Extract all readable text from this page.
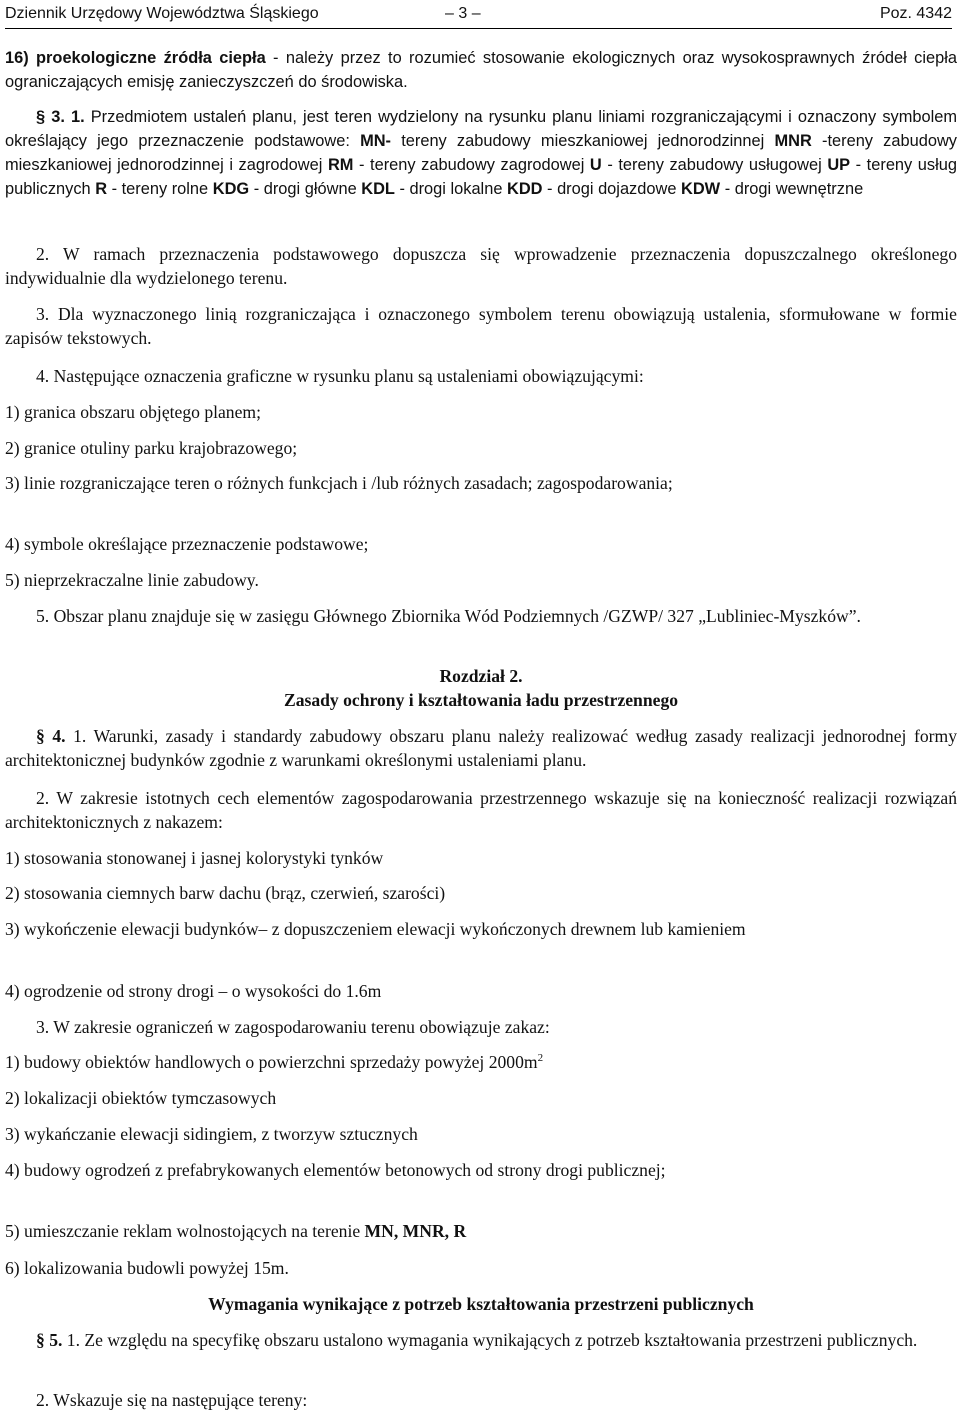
Dziennik Urzędowy Województwa Śląskiego	– 3 –	Poz. 4342
16) proekologiczne źródła ciepła - należy przez to rozumieć stosowanie ekologicznych oraz wysokosprawnych źródeł ciepła ograniczających emisję zanieczyszczeń do środowiska.
§ 3. 1. Przedmiotem ustaleń planu, jest teren wydzielony na rysunku planu liniami rozgraniczającymi i oznaczony symbolem określający jego przeznaczenie podstawowe: MN- tereny zabudowy mieszkaniowej jednorodzinnej MNR -tereny zabudowy mieszkaniowej jednorodzinnej i zagrodowej RM - tereny zabudowy zagrodowej U - tereny zabudowy usługowej UP - tereny usług publicznych R - tereny rolne KDG - drogi główne KDL - drogi lokalne KDD - drogi dojazdowe KDW - drogi wewnętrzne
2. W ramach przeznaczenia podstawowego dopuszcza się wprowadzenie przeznaczenia dopuszczalnego określonego indywidualnie dla wydzielonego terenu.
3. Dla wyznaczonego linią rozgraniczająca i oznaczonego symbolem terenu obowiązują ustalenia, sformułowane w formie zapisów tekstowych.
4. Następujące oznaczenia graficzne w rysunku planu są ustaleniami obowiązującymi:
1) granica obszaru objętego planem;
2) granice otuliny parku krajobrazowego;
3) linie rozgraniczające teren o różnych funkcjach i /lub różnych zasadach; zagospodarowania;
4) symbole określające przeznaczenie podstawowe;
5) nieprzekraczalne linie zabudowy.
5. Obszar planu znajduje się w zasięgu Głównego Zbiornika Wód Podziemnych /GZWP/ 327 „Lubliniec-Myszków”.
Rozdział 2.
Zasady ochrony i kształtowania ładu przestrzennego
§ 4. 1. Warunki, zasady i standardy zabudowy obszaru planu należy realizować według zasady realizacji jednorodnej formy architektonicznej budynków zgodnie z warunkami określonymi ustaleniami planu.
2. W zakresie istotnych cech elementów zagospodarowania przestrzennego wskazuje się na konieczność realizacji rozwiązań architektonicznych z nakazem:
1) stosowania stonowanej i jasnej kolorystyki tynków
2) stosowania ciemnych barw dachu (brąz, czerwień, szarości)
3) wykończenie elewacji budynków– z dopuszczeniem elewacji wykończonych drewnem lub kamieniem
4) ogrodzenie od strony drogi – o wysokości do 1.6m
3. W zakresie ograniczeń w zagospodarowaniu terenu obowiązuje zakaz:
1) budowy obiektów handlowych o powierzchni sprzedaży powyżej $2000m^2$
2) lokalizacji obiektów tymczasowych
3) wykańczanie elewacji sidingiem, z tworzyw sztucznych
4) budowy ogrodzeń z prefabrykowanych elementów betonowych od strony drogi publicznej;
5) umieszczanie reklam wolnostojących na terenie MN, MNR, R
6) lokalizowania budowli powyżej 15m.
Wymagania wynikające z potrzeb kształtowania przestrzeni publicznych
§ 5. 1. Ze względu na specyfikę obszaru ustalono wymagania wynikających z potrzeb kształtowania przestrzeni publicznych.
2. Wskazuje się na następujące tereny:
